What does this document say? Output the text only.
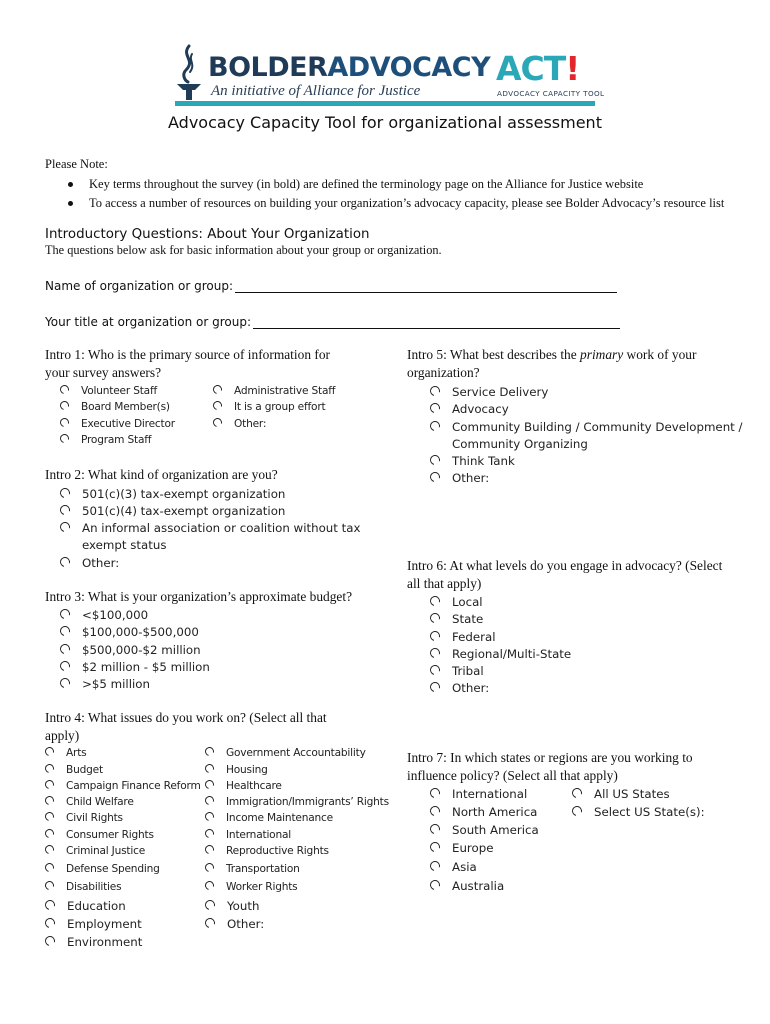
BOLDERADVOCACY
An initiative of Alliance for Justice
ACT!
ADVOCACY CAPACITY TOOL
Advocacy Capacity Tool for organizational assessment
Please Note:
Key terms throughout the survey (in bold) are defined the terminology page on the Alliance for Justice website
To access a number of resources on building your organization’s advocacy capacity, please see Bolder Advocacy’s resource list
Introductory Questions: About Your Organization
The questions below ask for basic information about your group or organization.
Name of organization or group:
Your title at organization or group:
Intro 1: Who is the primary source of information for
your survey answers?
Volunteer Staff
Board Member(s)
Executive Director
Program Staff
Administrative Staff
It is a group effort
Other:
Intro 2: What kind of organization are you?
501(c)(3) tax-exempt organization
501(c)(4) tax-exempt organization
An informal association or coalition without tax
exempt status
Other:
Intro 3: What is your organization’s approximate budget?
<$100,000
$100,000-$500,000
$500,000-$2 million
$2 million - $5 million
>$5 million
Intro 4: What issues do you work on? (Select all that
apply)
Arts
Budget
Campaign Finance Reform
Child Welfare
Civil Rights
Consumer Rights
Criminal Justice
Defense Spending
Disabilities
Education
Employment
Environment
Government Accountability
Housing
Healthcare
Immigration/Immigrants’ Rights
Income Maintenance
International
Reproductive Rights
Transportation
Worker Rights
Youth
Other:
Intro 5: What best describes the primary work of your
organization?
Service Delivery
Advocacy
Community Building / Community Development /
Community Organizing
Think Tank
Other:
Intro 6: At what levels do you engage in advocacy? (Select
all that apply)
Local
State
Federal
Regional/Multi-State
Tribal
Other:
Intro 7: In which states or regions are you working to
influence policy? (Select all that apply)
International
North America
South America
Europe
Asia
Australia
All US States
Select US State(s):
